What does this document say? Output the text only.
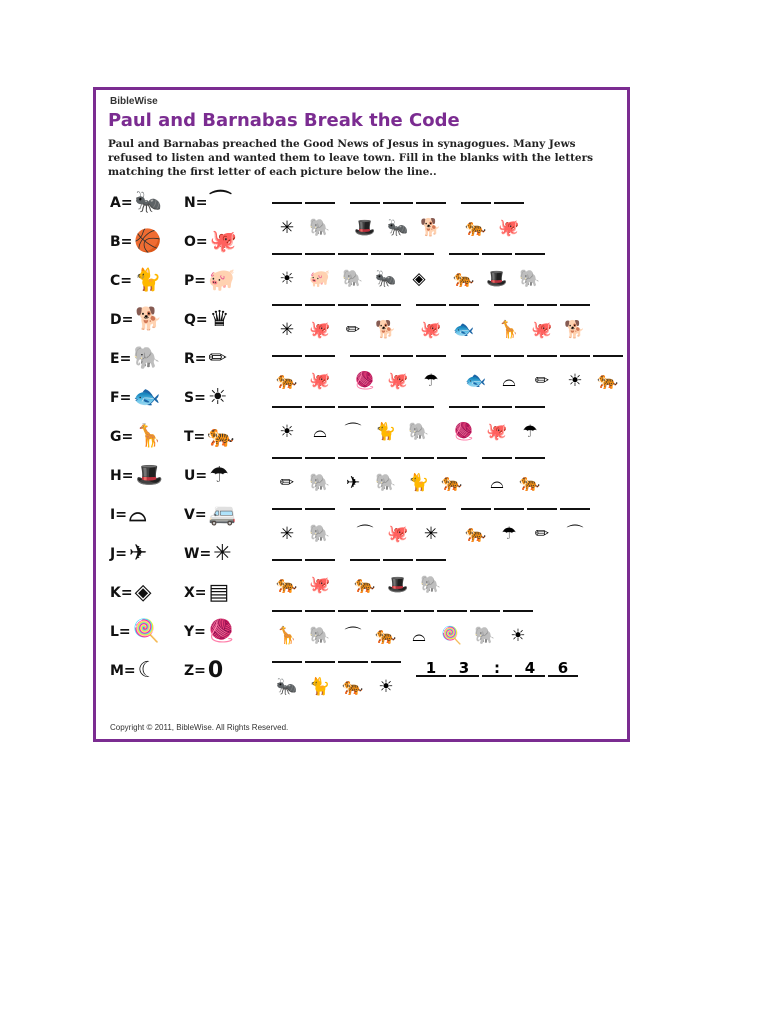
BibleWise
Paul and Barnabas Break the Code
Paul and Barnabas preached the Good News of Jesus in synagogues. Many Jews refused to listen and wanted them to leave town. Fill in the blanks with the letters matching the first letter of each picture below the line..
A=🐜
B=🏀
C=🐈
D=🐕
E=🐘
F=🐟
G=🦒
H=🎩
I=⌓
J=✈
K=◈
L=🍭
M=☾
N=⌒
O=🐙
P=🐖
Q=♛
R=✏
S=☀
T=🐅
U=☂
V=🚐
W=✳
X=▤
Y=🧶
Z=0
✳ 🐘 🎩 🐜 🐕 🐅 🐙
☀ 🐖 🐘 🐜 ◈	🐅 🎩 🐘
✳ 🐙 ✏ 🐕 🐙 🐟 🦒 🐙 🐕
🐅 🐙 🧶 🐙 ☂	🐟 ⌓	✏	☀ 🐅
☀	⌓	⌒ 🐈 🐘 🧶 🐙 ☂
✏ 🐘 ✈ 🐘 🐈 🐅	⌓ 🐅
✳ 🐘	⌒ 🐙 ✳	🐅 ☂	✏	⌒
🐅 🐙 🐅 🎩 🐘
🦒 🐘 ⌒ 🐅 ⌓ 🍭 🐘 ☀
🐜 🐈 🐅 ☀
1	3	:	4	6
Copyright © 2011, BibleWise. All Rights Reserved.
